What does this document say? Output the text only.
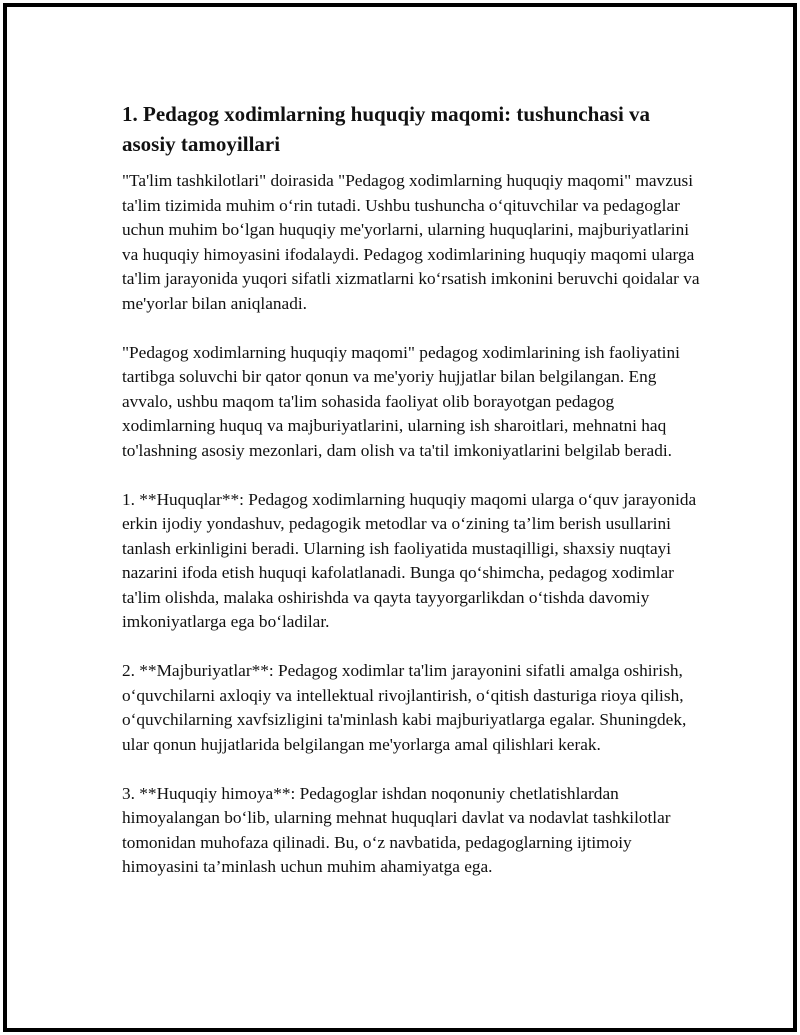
1. Pedagog xodimlarning huquqiy maqomi: tushunchasi va asosiy tamoyillari

"Ta'lim tashkilotlari" doirasida "Pedagog xodimlarning huquqiy maqomi" mavzusi ta'lim tizimida muhim oʻrin tutadi. Ushbu tushuncha oʻqituvchilar va pedagoglar uchun muhim boʻlgan huquqiy me'yorlarni, ularning huquqlarini, majburiyatlarini va huquqiy himoyasini ifodalaydi. Pedagog xodimlarining huquqiy maqomi ularga ta'lim jarayonida yuqori sifatli xizmatlarni koʻrsatish imkonini beruvchi qoidalar va me'yorlar bilan aniqlanadi.

"Pedagog xodimlarning huquqiy maqomi" pedagog xodimlarining ish faoliyatini tartibga soluvchi bir qator qonun va me'yoriy hujjatlar bilan belgilangan. Eng avvalo, ushbu maqom ta'lim sohasida faoliyat olib borayotgan pedagog xodimlarning huquq va majburiyatlarini, ularning ish sharoitlari, mehnatni haq to'lashning asosiy mezonlari, dam olish va ta'til imkoniyatlarini belgilab beradi.

1. **Huquqlar**: Pedagog xodimlarning huquqiy maqomi ularga oʻquv jarayonida erkin ijodiy yondashuv, pedagogik metodlar va oʻzining ta’lim berish usullarini tanlash erkinligini beradi. Ularning ish faoliyatida mustaqilligi, shaxsiy nuqtayi nazarini ifoda etish huquqi kafolatlanadi. Bunga qoʻshimcha, pedagog xodimlar ta'lim olishda, malaka oshirishda va qayta tayyorgarlikdan oʻtishda davomiy imkoniyatlarga ega boʻladilar.

2. **Majburiyatlar**: Pedagog xodimlar ta'lim jarayonini sifatli amalga oshirish, oʻquvchilarni axloqiy va intellektual rivojlantirish, oʻqitish dasturiga rioya qilish, oʻquvchilarning xavfsizligini ta'minlash kabi majburiyatlarga egalar. Shuningdek, ular qonun hujjatlarida belgilangan me'yorlarga amal qilishlari kerak.

3. **Huquqiy himoya**: Pedagoglar ishdan noqonuniy chetlatishlardan himoyalangan boʻlib, ularning mehnat huquqlari davlat va nodavlat tashkilotlar tomonidan muhofaza qilinadi. Bu, oʻz navbatida, pedagoglarning ijtimoiy himoyasini ta’minlash uchun muhim ahamiyatga ega.
